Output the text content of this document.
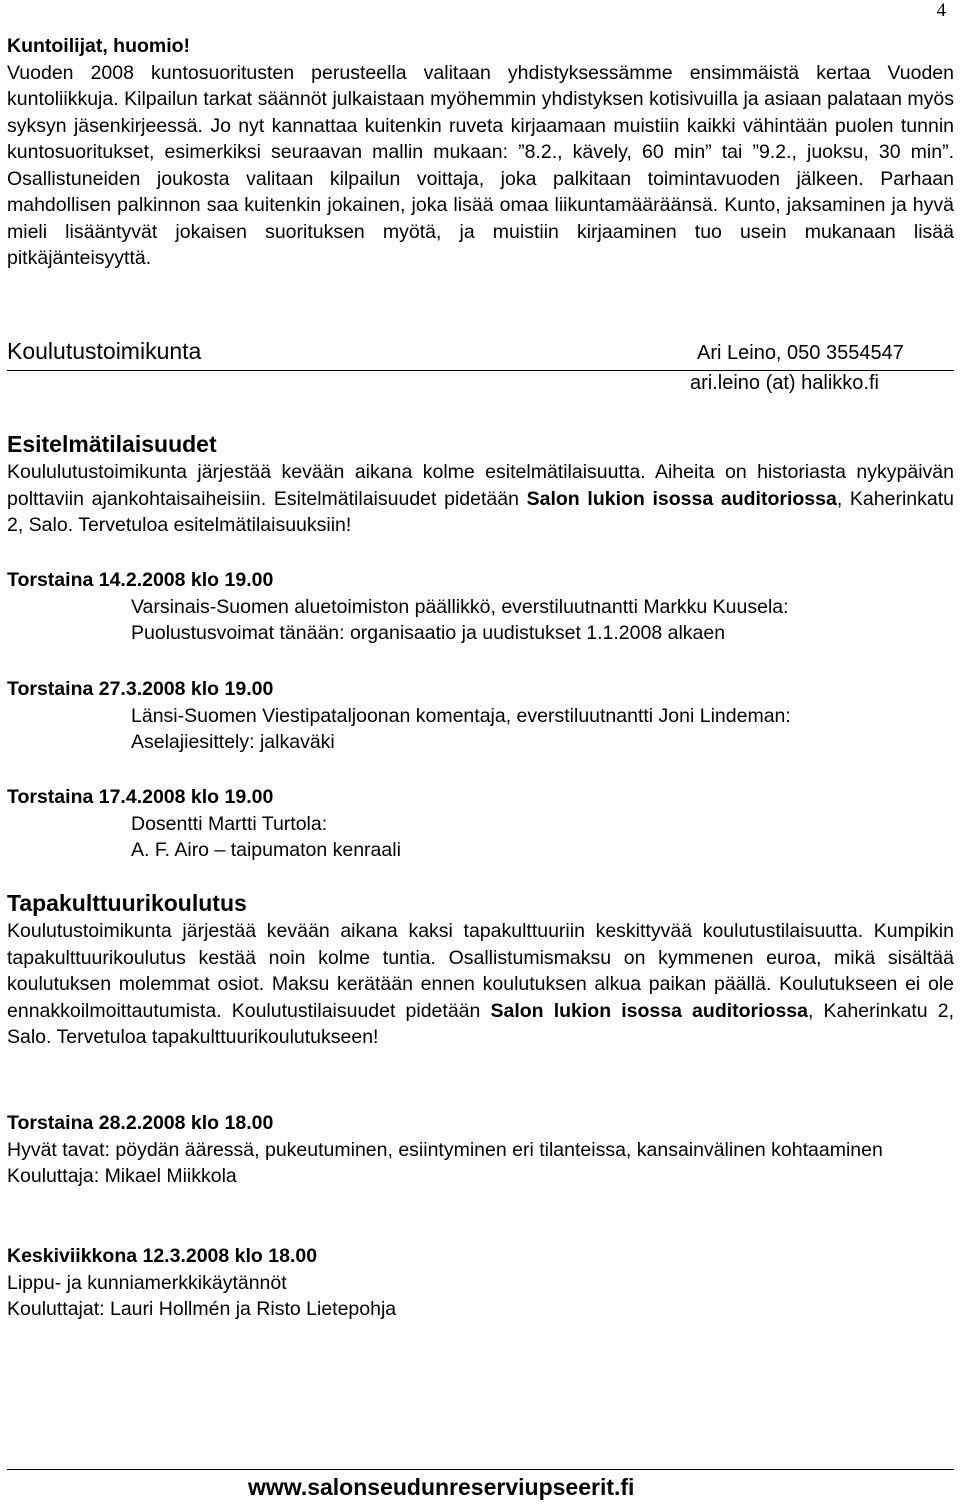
4

Kuntoilijat, huomio!

Vuoden 2008 kuntosuoritusten perusteella valitaan yhdistyksessämme ensimmäistä kertaa Vuoden kuntoliikkuja. Kilpailun tarkat säännöt julkaistaan myöhemmin yhdistyksen kotisivuilla ja asiaan palataan myös syksyn jäsenkirjeessä. Jo nyt kannattaa kuitenkin ruveta kirjaamaan muistiin kaikki vähintään puolen tunnin kuntosuoritukset, esimerkiksi seuraavan mallin mukaan: ”8.2., kävely, 60 min” tai ”9.2., juoksu, 30 min”. Osallistuneiden joukosta valitaan kilpailun voittaja, joka palkitaan toimintavuoden jälkeen. Parhaan mahdollisen palkinnon saa kuitenkin jokainen, joka lisää omaa liikuntamääräänsä. Kunto, jaksaminen ja hyvä mieli lisääntyvät jokaisen suorituksen myötä, ja muistiin kirjaaminen tuo usein mukanaan lisää pitkäjänteisyyttä.

Koulutustoimikunta	Ari Leino, 050 3554547
ari.leino (at) halikko.fi

Esitelmätilaisuudet

Koululutustoimikunta järjestää kevään aikana kolme esitelmätilaisuutta. Aiheita on historiasta nykypäivän polttaviin ajankohtaisaiheisiin. Esitelmätilaisuudet pidetään Salon lukion isossa auditoriossa, Kaherinkatu 2, Salo. Tervetuloa esitelmätilaisuuksiin!

Torstaina 14.2.2008 klo 19.00

Varsinais-Suomen aluetoimiston päällikkö, everstiluutnantti Markku Kuusela:

Puolustusvoimat tänään: organisaatio ja uudistukset 1.1.2008 alkaen

Torstaina 27.3.2008 klo 19.00

Länsi-Suomen Viestipataljoonan komentaja, everstiluutnantti Joni Lindeman:

Aselajiesittely: jalkaväki

Torstaina 17.4.2008 klo 19.00

Dosentti Martti Turtola:

A. F. Airo – taipumaton kenraali

Tapakulttuurikoulutus

Koulutustoimikunta järjestää kevään aikana kaksi tapakulttuuriin keskittyvää koulutustilaisuutta. Kumpikin tapakulttuurikoulutus kestää noin kolme tuntia. Osallistumismaksu on kymmenen euroa, mikä sisältää koulutuksen molemmat osiot. Maksu kerätään ennen koulutuksen alkua paikan päällä. Koulutukseen ei ole ennakkoilmoittautumista. Koulutustilaisuudet pidetään Salon lukion isossa auditoriossa, Kaherinkatu 2, Salo. Tervetuloa tapakulttuurikoulutukseen!

Torstaina 28.2.2008 klo 18.00

Hyvät tavat: pöydän ääressä, pukeutuminen, esiintyminen eri tilanteissa, kansainvälinen kohtaaminen

Kouluttaja: Mikael Miikkola

Keskiviikkona 12.3.2008 klo 18.00

Lippu- ja kunniamerkkikäytännöt

Kouluttajat: Lauri Hollmén ja Risto Lietepohja

www.salonseudunreserviupseerit.fi
